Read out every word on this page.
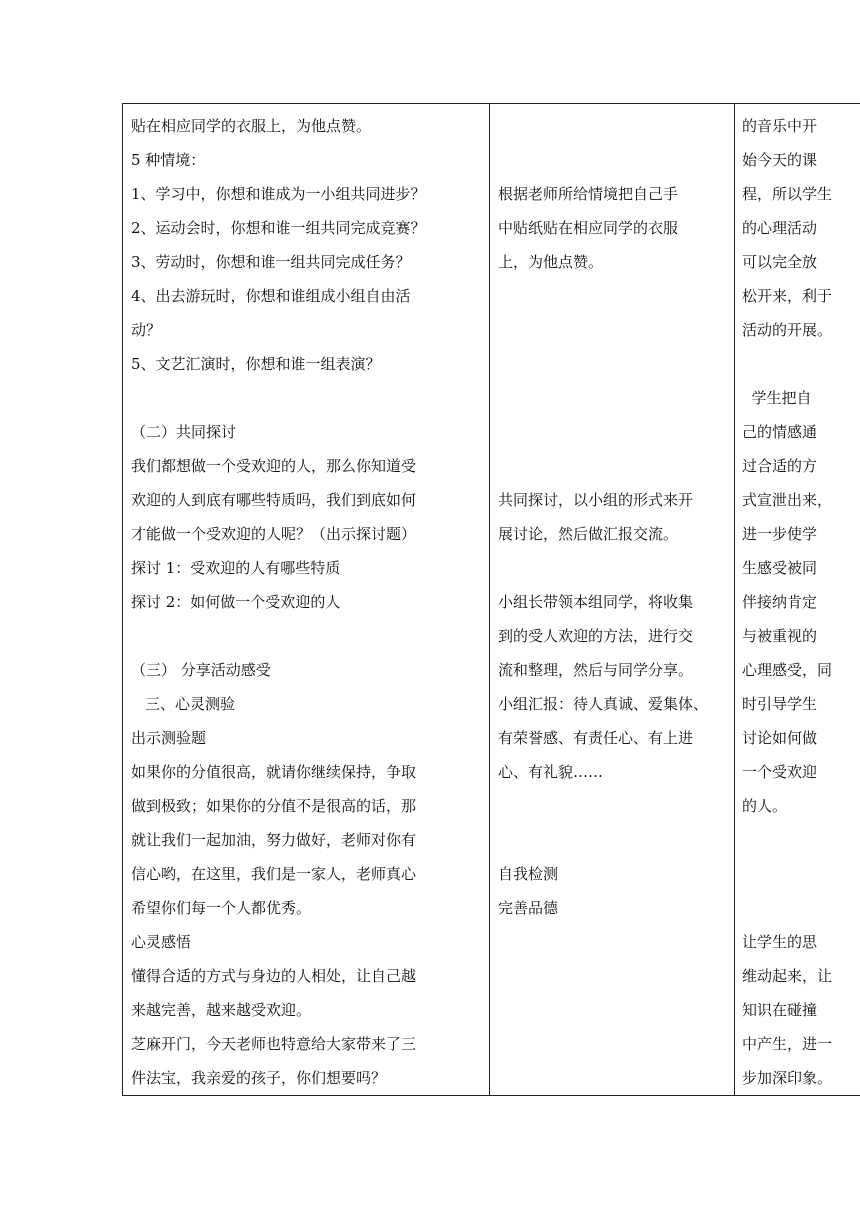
贴在相应同学的衣服上，为他点赞。
5 种情境：
1、学习中，你想和谁成为一小组共同进步？
2、运动会时，你想和谁一组共同完成竞赛？
3、劳动时，你想和谁一组共同完成任务？
4、出去游玩时，你想和谁组成小组自由活
动？
5、文艺汇演时，你想和谁一组表演？
（二）共同探讨
我们都想做一个受欢迎的人，那么你知道受
欢迎的人到底有哪些特质吗，我们到底如何
才能做一个受欢迎的人呢？（出示探讨题）
探讨 1：受欢迎的人有哪些特质
探讨 2：如何做一个受欢迎的人
（三） 分享活动感受
三、心灵测验
出示测验题
如果你的分值很高，就请你继续保持，争取
做到极致；如果你的分值不是很高的话，那
就让我们一起加油，努力做好，老师对你有
信心哟，在这里，我们是一家人，老师真心
希望你们每一个人都优秀。
心灵感悟
懂得合适的方式与身边的人相处，让自己越
来越完善，越来越受欢迎。
芝麻开门，今天老师也特意给大家带来了三
件法宝，我亲爱的孩子，你们想要吗？

根据老师所给情境把自己手
中贴纸贴在相应同学的衣服
上，为他点赞。
共同探讨，以小组的形式来开
展讨论，然后做汇报交流。
小组长带领本组同学，将收集
到的受人欢迎的方法，进行交
流和整理，然后与同学分享。
小组汇报：待人真诚、爱集体、
有荣誉感、有责任心、有上进
心、有礼貌……
自我检测
完善品德

的音乐中开
始今天的课
程，所以学生
的心理活动
可以完全放
松开来，利于
活动的开展。
学生把自
己的情感通
过合适的方
式宣泄出来，
进一步使学
生感受被同
伴接纳肯定
与被重视的
心理感受，同
时引导学生
讨论如何做
一个受欢迎
的人。
让学生的思
维动起来，让
知识在碰撞
中产生，进一
步加深印象。
